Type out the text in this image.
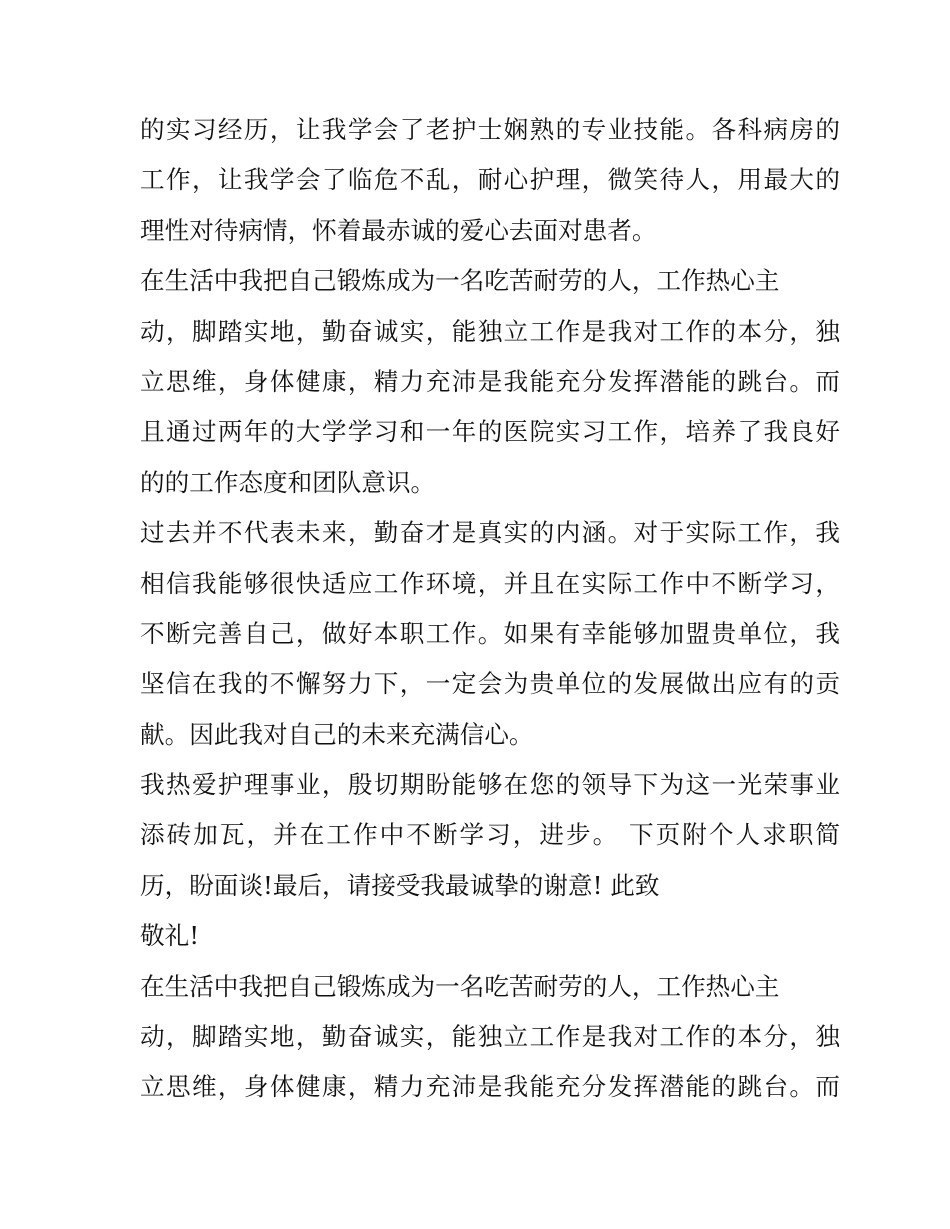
的实习经历，让我学会了老护士娴熟的专业技能。各科病房的
工作，让我学会了临危不乱，耐心护理，微笑待人，用最大的
理性对待病情，怀着最赤诚的爱心去面对患者。
在生活中我把自己锻炼成为一名吃苦耐劳的人，工作热心主
动，脚踏实地，勤奋诚实，能独立工作是我对工作的本分，独
立思维，身体健康，精力充沛是我能充分发挥潜能的跳台。而
且通过两年的大学学习和一年的医院实习工作，培养了我良好
的的工作态度和团队意识。
过去并不代表未来，勤奋才是真实的内涵。对于实际工作，我
相信我能够很快适应工作环境，并且在实际工作中不断学习，
不断完善自己，做好本职工作。如果有幸能够加盟贵单位，我
坚信在我的不懈努力下，一定会为贵单位的发展做出应有的贡
献。因此我对自己的未来充满信心。
我热爱护理事业，殷切期盼能够在您的领导下为这一光荣事业
添砖加瓦，并在工作中不断学习，进步。 下页附个人求职简
历，盼面谈!最后，请接受我最诚挚的谢意! 此致
敬礼!
在生活中我把自己锻炼成为一名吃苦耐劳的人，工作热心主
动，脚踏实地，勤奋诚实，能独立工作是我对工作的本分，独
立思维，身体健康，精力充沛是我能充分发挥潜能的跳台。而
